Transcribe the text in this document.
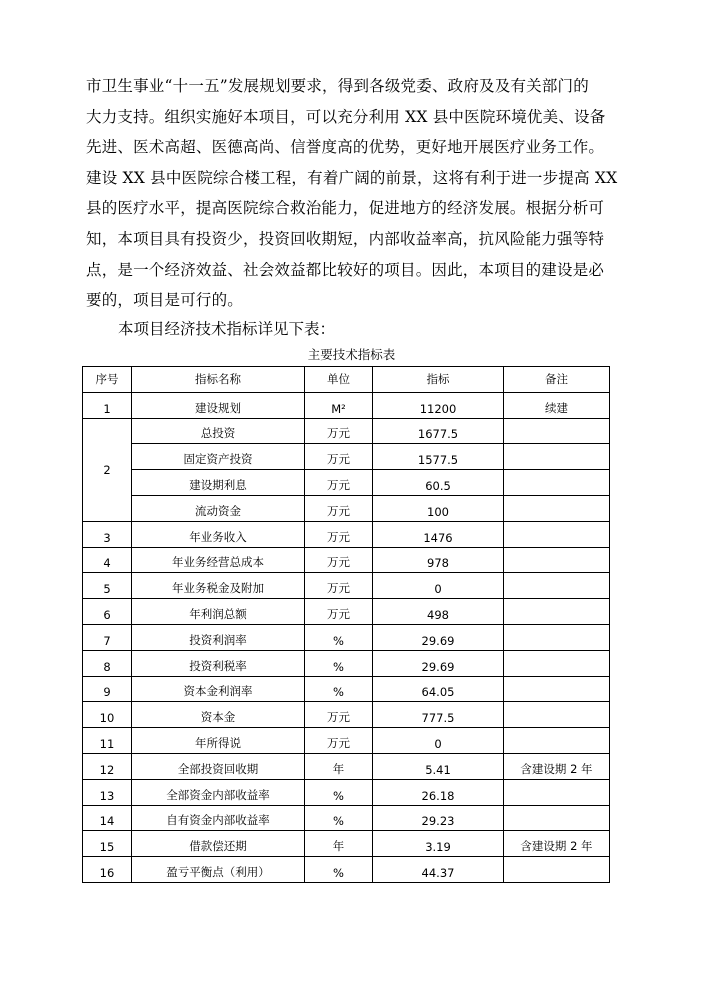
市卫生事业“十一五”发展规划要求，得到各级党委、政府及及有关部门的
大力支持。组织实施好本项目，可以充分利用 XX 县中医院环境优美、设备
先进、医术高超、医德高尚、信誉度高的优势，更好地开展医疗业务工作。
建设 XX 县中医院综合楼工程，有着广阔的前景，这将有利于进一步提高 XX
县的医疗水平，提高医院综合救治能力，促进地方的经济发展。根据分析可
知，本项目具有投资少，投资回收期短，内部收益率高，抗风险能力强等特
点，是一个经济效益、社会效益都比较好的项目。因此，本项目的建设是必
要的，项目是可行的。
本项目经济技术指标详见下表：
主要技术指标表
序号	指标名称	单位	指标	备注
1	建设规划	M²	11200	续建
2	总投资	万元	1677.5	
	固定资产投资	万元	1577.5	
	建设期利息	万元	60.5	
	流动资金	万元	100	
3	年业务收入	万元	1476	
4	年业务经营总成本	万元	978	
5	年业务税金及附加	万元	0	
6	年利润总额	万元	498	
7	投资利润率	%	29.69	
8	投资利税率	%	29.69	
9	资本金利润率	%	64.05	
10	资本金	万元	777.5	
11	年所得说	万元	0	
12	全部投资回收期	年	5.41	含建设期 2 年
13	全部资金内部收益率	%	26.18	
14	自有资金内部收益率	%	29.23	
15	借款偿还期	年	3.19	含建设期 2 年
16	盈亏平衡点（利用）	%	44.37	
